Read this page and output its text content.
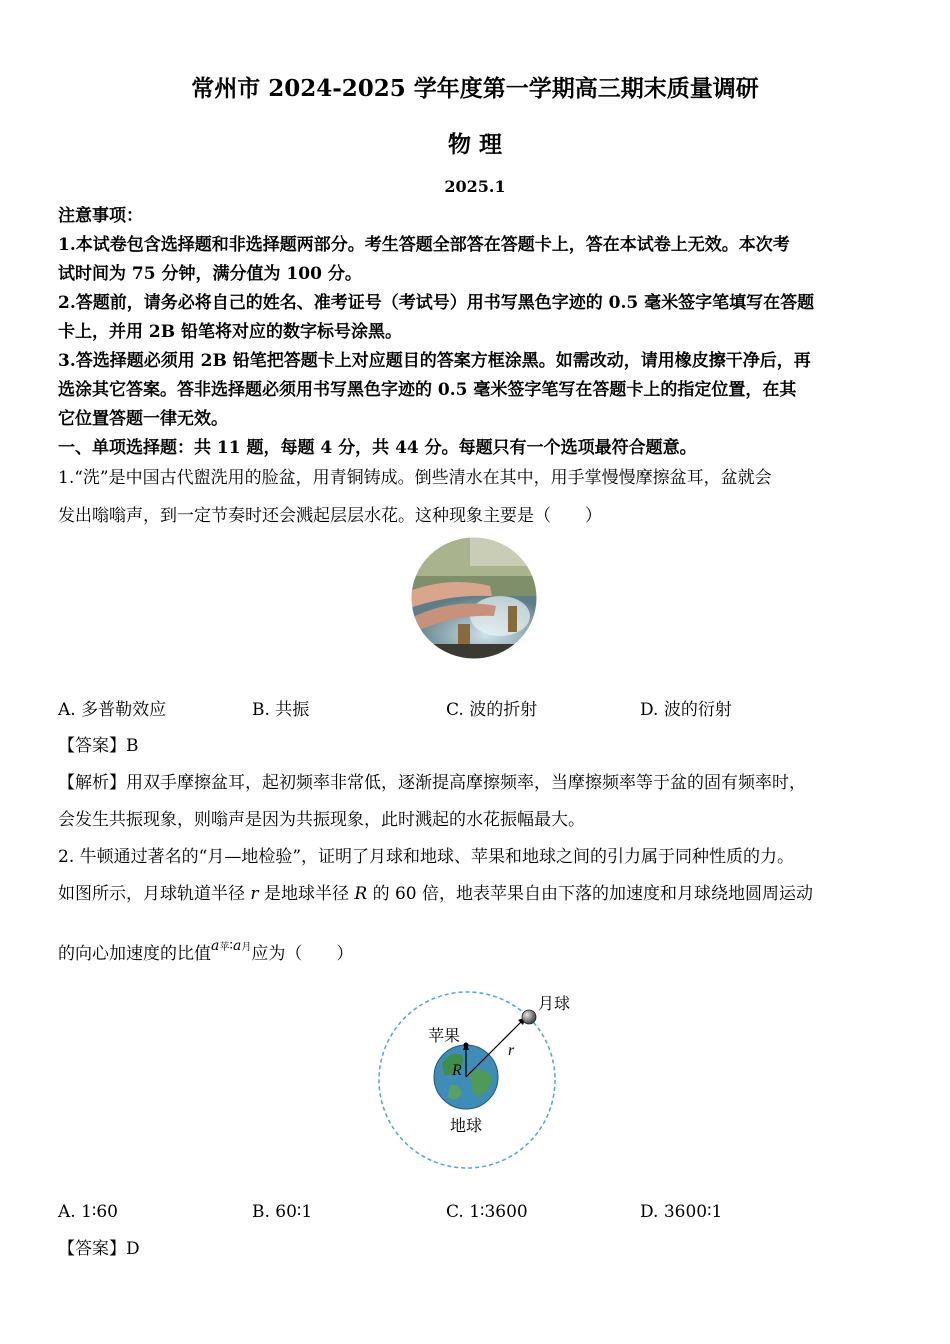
常州市 2024-2025 学年度第一学期高三期末质量调研
物 理
2025.1
注意事项：
1.本试卷包含选择题和非选择题两部分。考生答题全部答在答题卡上，答在本试卷上无效。本次考
试时间为 75 分钟，满分值为 100 分。
2.答题前，请务必将自己的姓名、准考证号（考试号）用书写黑色字迹的 0.5 毫米签字笔填写在答题
卡上，并用 2B 铅笔将对应的数字标号涂黑。
3.答选择题必须用 2B 铅笔把答题卡上对应题目的答案方框涂黑。如需改动，请用橡皮擦干净后，再
选涂其它答案。答非选择题必须用书写黑色字迹的 0.5 毫米签字笔写在答题卡上的指定位置，在其
它位置答题一律无效。
一、单项选择题：共 11 题，每题 4 分，共 44 分。每题只有一个选项最符合题意。
1.“洗”是中国古代盥洗用的脸盆，用青铜铸成。倒些清水在其中，用手掌慢慢摩擦盆耳，盆就会
发出嗡嗡声，到一定节奏时还会溅起层层水花。这种现象主要是（　　）
A. 多普勒效应	B. 共振	C. 波的折射	D. 波的衍射
【答案】B
【解析】用双手摩擦盆耳，起初频率非常低，逐渐提高摩擦频率，当摩擦频率等于盆的固有频率时，
会发生共振现象，则嗡声是因为共振现象，此时溅起的水花振幅最大。
2. 牛顿通过著名的“月—地检验”，证明了月球和地球、苹果和地球之间的引力属于同种性质的力。
如图所示，月球轨道半径 r 是地球半径 R 的 60 倍，地表苹果自由下落的加速度和月球绕地圆周运动
的向心加速度的比值$^{a苹∶a月}$应为（　　）
月球
苹果
地球
R
r
A. 1∶60	B. 60∶1	C. 1∶3600	D. 3600∶1
【答案】D
